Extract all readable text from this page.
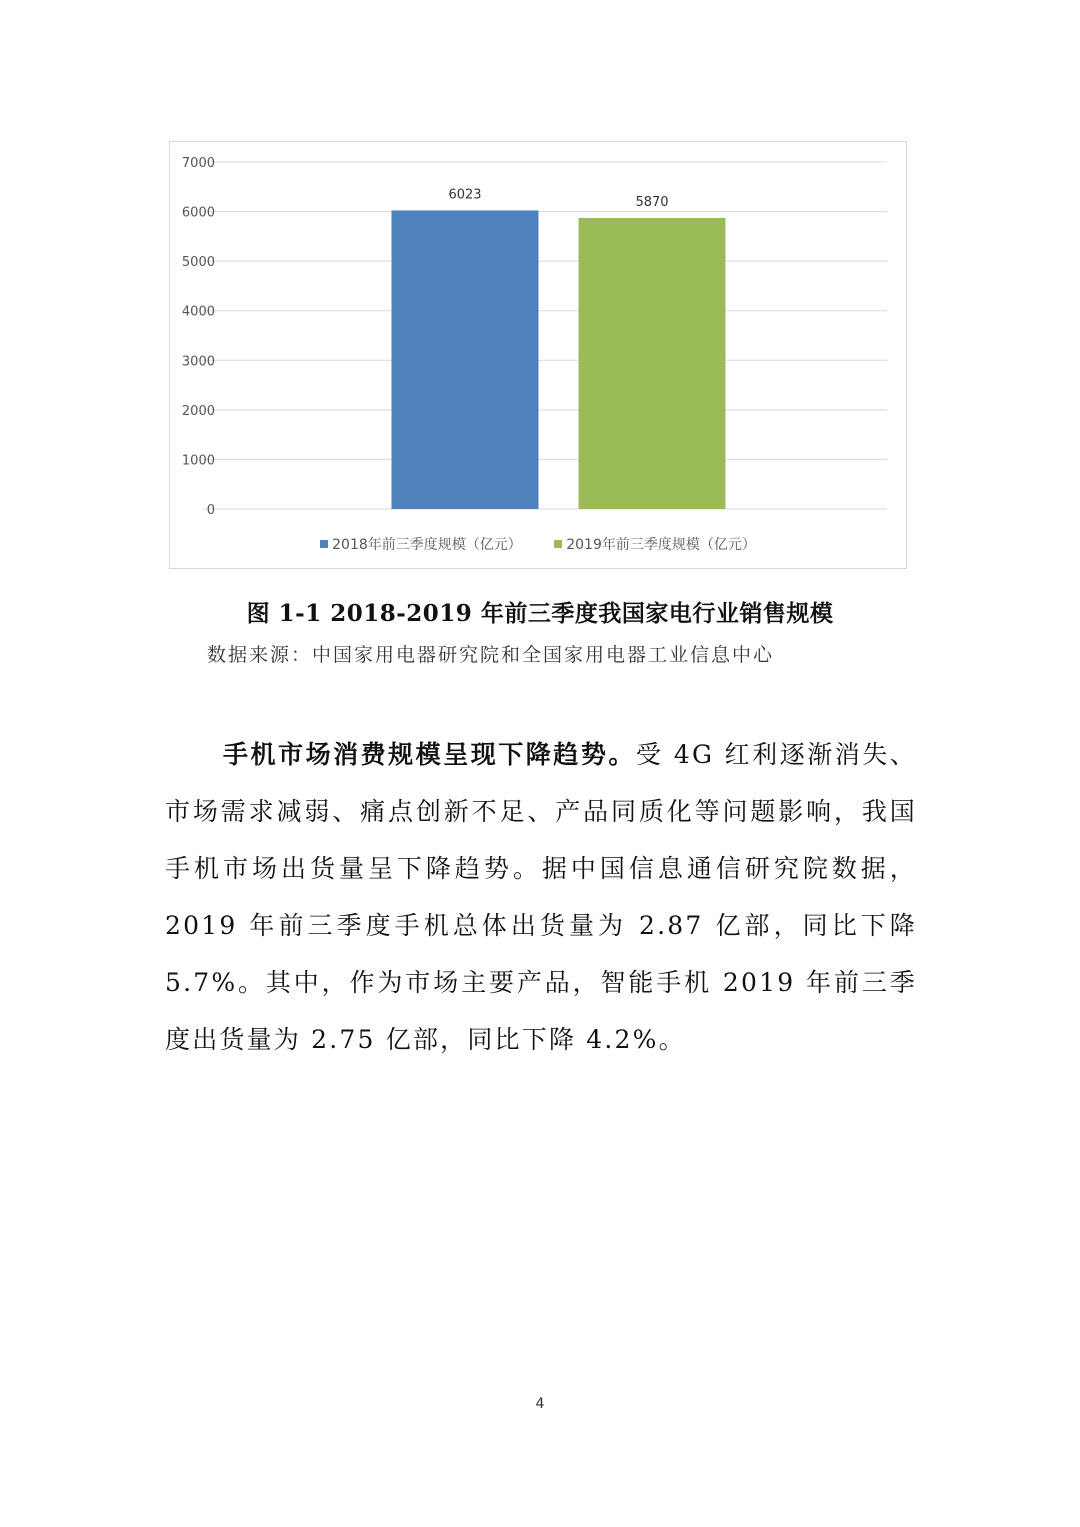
0
1000
2000
3000
4000
5000
6000
7000
6023
5870
2018年前三季度规模（亿元）	2019年前三季度规模（亿元）
图 1-1 2018-2019 年前三季度我国家电行业销售规模
数据来源：中国家用电器研究院和全国家用电器工业信息中心

手机市场消费规模呈现下降趋势。受 4G 红利逐渐消失、市场需求减弱、痛点创新不足、产品同质化等问题影响，我国手机市场出货量呈下降趋势。据中国信息通信研究院数据，2019 年前三季度手机总体出货量为 2.87 亿部，同比下降 5.7%。其中，作为市场主要产品，智能手机 2019 年前三季度出货量为 2.75 亿部，同比下降 4.2%。

4
